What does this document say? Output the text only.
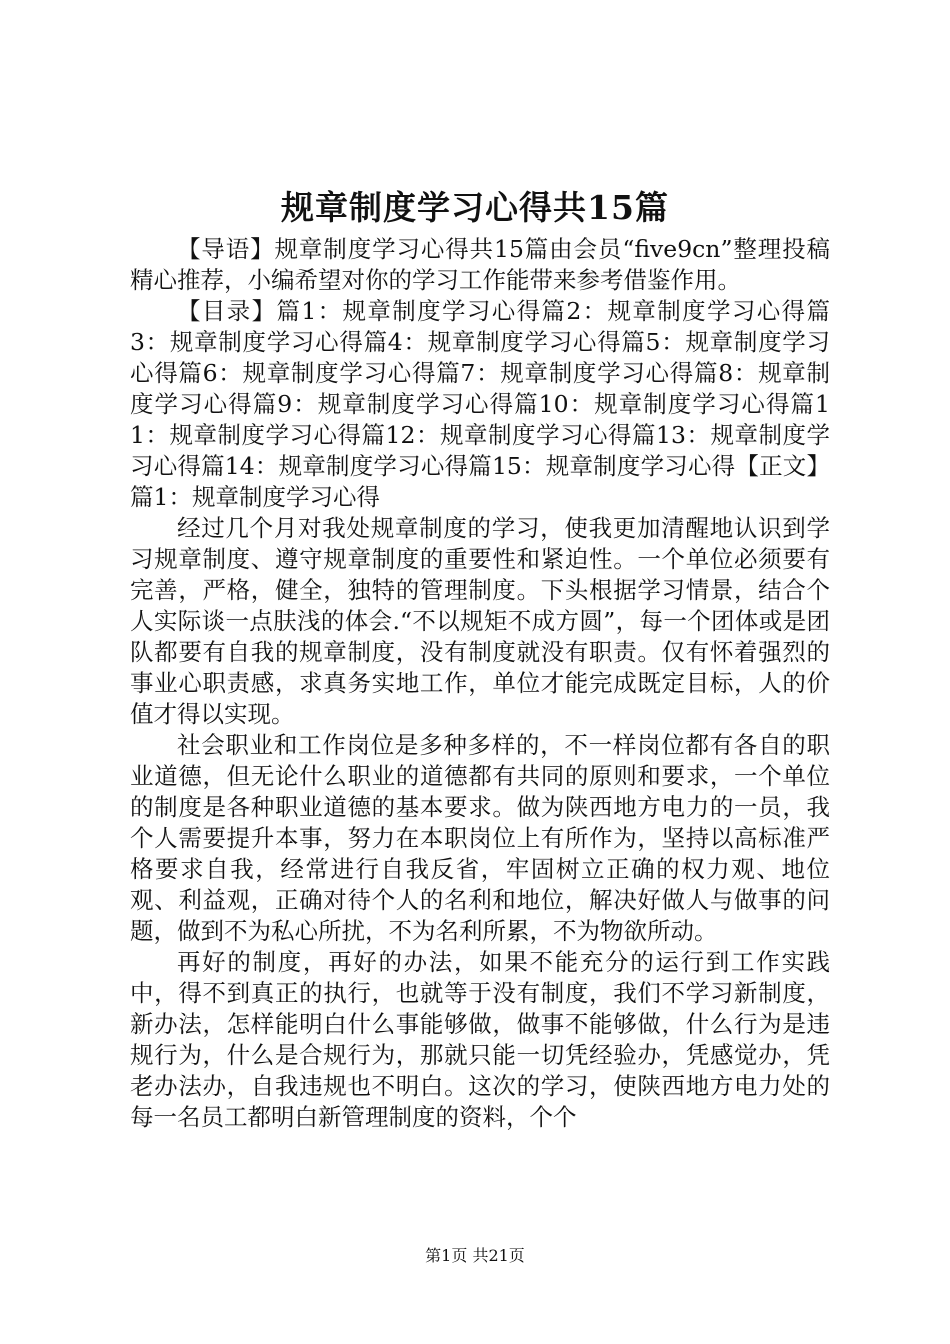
规章制度学习心得共15篇

【导语】规章制度学习心得共15篇由会员“five9cn”整理投稿精心推荐，小编希望对你的学习工作能带来参考借鉴作用。

【目录】篇1：规章制度学习心得篇2：规章制度学习心得篇3：规章制度学习心得篇4：规章制度学习心得篇5：规章制度学习心得篇6：规章制度学习心得篇7：规章制度学习心得篇8：规章制度学习心得篇9：规章制度学习心得篇10：规章制度学习心得篇11：规章制度学习心得篇12：规章制度学习心得篇13：规章制度学习心得篇14：规章制度学习心得篇15：规章制度学习心得【正文】篇1：规章制度学习心得

经过几个月对我处规章制度的学习，使我更加清醒地认识到学习规章制度、遵守规章制度的重要性和紧迫性。一个单位必须要有完善，严格，健全，独特的管理制度。下头根据学习情景，结合个人实际谈一点肤浅的体会.“不以规矩不成方圆”，每一个团体或是团队都要有自我的规章制度，没有制度就没有职责。仅有怀着强烈的事业心职责感，求真务实地工作，单位才能完成既定目标，人的价值才得以实现。

社会职业和工作岗位是多种多样的，不一样岗位都有各自的职业道德，但无论什么职业的道德都有共同的原则和要求，一个单位的制度是各种职业道德的基本要求。做为陕西地方电力的一员，我个人需要提升本事，努力在本职岗位上有所作为，坚持以高标准严格要求自我，经常进行自我反省，牢固树立正确的权力观、地位观、利益观，正确对待个人的名利和地位，解决好做人与做事的问题，做到不为私心所扰，不为名利所累，不为物欲所动。

再好的制度，再好的办法，如果不能充分的运行到工作实践中，得不到真正的执行，也就等于没有制度，我们不学习新制度，新办法，怎样能明白什么事能够做，做事不能够做，什么行为是违规行为，什么是合规行为，那就只能一切凭经验办，凭感觉办，凭老办法办，自我违规也不明白。这次的学习，使陕西地方电力处的每一名员工都明白新管理制度的资料，个个

第1页 共21页
